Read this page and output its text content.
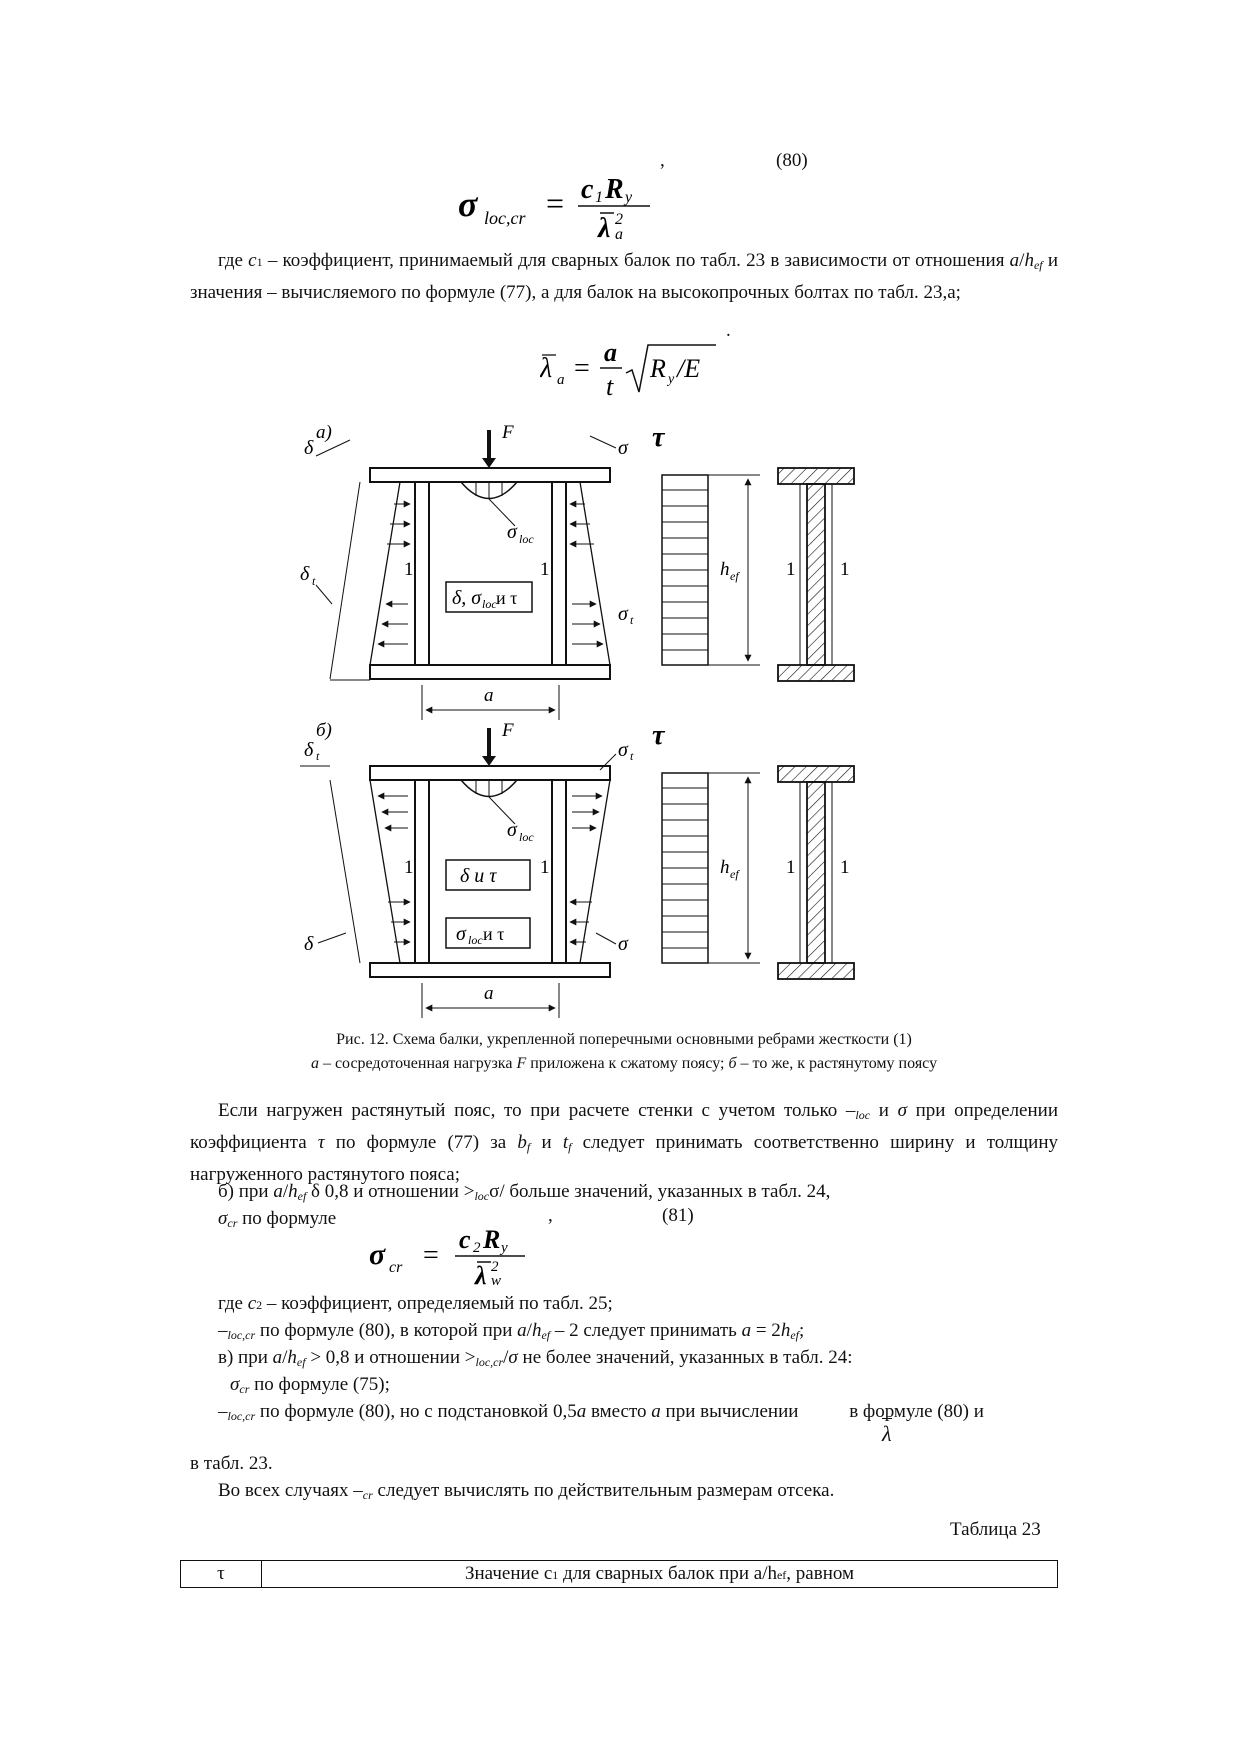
,	(80)
σ loc,cr = c 1 R y
λ 2
a

где c1 – коэффициент, принимаемый для сварных балок по табл. 23 в зависимости от отношения $a/h_{ef}$ и значения – вычисляемого по формуле (77), а для балок на высокопрочных болтах по табл. 23,а;

.
λ a =
a
t
R y /E
а)	F
σ loc
δ
δ t
σ
σ t
1	1
δ, σ loc и τ
a
τ
h ef 1 1
б)	F
σ loc
δ t
δ
σ t
σ
1	1
δ и τ
σ loc и τ
a
τ
h ef 1 1
Рис. 12. Схема балки, укрепленной поперечными основными ребрами жесткости (1)
а – сосредоточенная нагрузка F приложена к сжатому поясу; б – то же, к растянутому поясу

Если нагружен растянутый пояс, то при расчете стенки с учетом только $-_{loc}$ и σ при определении коэффициента τ по формуле (77) за $b_f$ и $t_f$ следует принимать соответственно ширину и толщину нагруженного растянутого пояса;

б) при $a/h_{ef}$ δ 0,8 и отношении $>_{loc}\sigma/$ больше значений, указанных в табл. 24,

$\sigma_{cr}$ по формуле	,	(81)
σ cr =
c 2 R y
λ 2
w

где c2 – коэффициент, определяемый по табл. 25;

$-_{loc,cr}$ по формуле (80), в которой при $a/h_{ef} - 2$ следует принимать $a = 2h_{ef}$;

в) при $a/h_{ef} > 0,8$ и отношении $>_{loc,cr}/\sigma$ не более значений, указанных в табл. 24:

$\sigma_{cr}$ по формуле (75);

$-_{loc,cr}$ по формуле (80), но с подстановкой 0,5a вместо a при вычислении в формуле (80) и

λ

в табл. 23.

Во всех случаях $-_{cr}$ следует вычислять по действительным размерам отсека.

Таблица 23
τ	Значение c1 для сварных балок при a/hef, равном
